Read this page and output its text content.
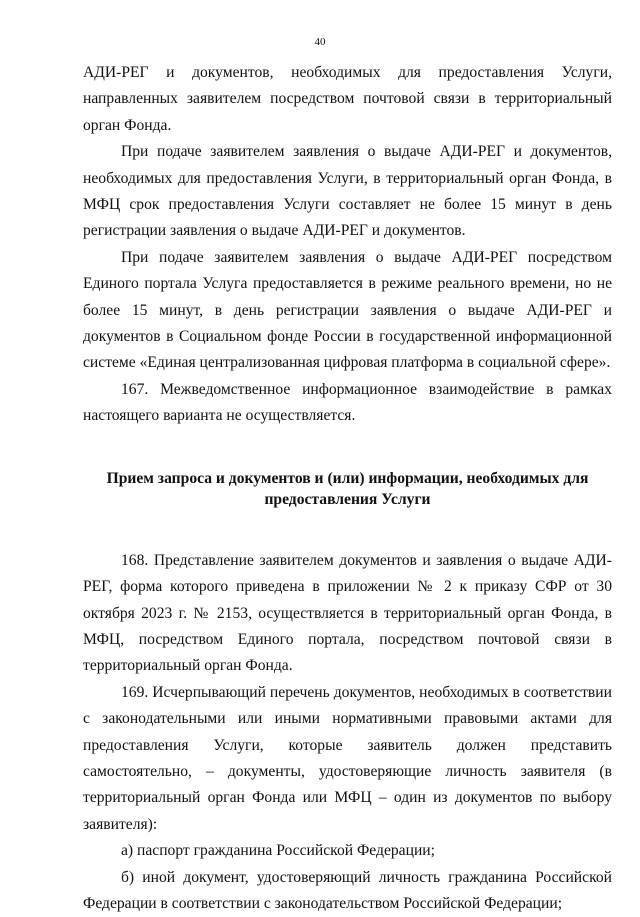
40

АДИ-РЕГ и документов, необходимых для предоставления Услуги, направленных заявителем посредством почтовой связи в территориальный орган Фонда.

При подаче заявителем заявления о выдаче АДИ-РЕГ и документов, необходимых для предоставления Услуги, в территориальный орган Фонда, в МФЦ срок предоставления Услуги составляет не более 15 минут в день регистрации заявления о выдаче АДИ-РЕГ и документов.

При подаче заявителем заявления о выдаче АДИ-РЕГ посредством Единого портала Услуга предоставляется в режиме реального времени, но не более 15 минут, в день регистрации заявления о выдаче АДИ-РЕГ и документов в Социальном фонде России в государственной информационной системе «Единая централизованная цифровая платформа в социальной сфере».

167. Межведомственное информационное взаимодействие в рамках настоящего варианта не осуществляется.

Прием запроса и документов и (или) информации, необходимых для предоставления Услуги

168. Представление заявителем документов и заявления о выдаче АДИ-РЕГ, форма которого приведена в приложении № 2 к приказу СФР от 30 октября 2023 г. № 2153, осуществляется в территориальный орган Фонда, в МФЦ, посредством Единого портала, посредством почтовой связи в территориальный орган Фонда.

169. Исчерпывающий перечень документов, необходимых в соответствии с законодательными или иными нормативными правовыми актами для предоставления Услуги, которые заявитель должен представить самостоятельно, – документы, удостоверяющие личность заявителя (в территориальный орган Фонда или МФЦ – один из документов по выбору заявителя):

а) паспорт гражданина Российской Федерации;

б) иной документ, удостоверяющий личность гражданина Российской Федерации в соответствии с законодательством Российской Федерации;
